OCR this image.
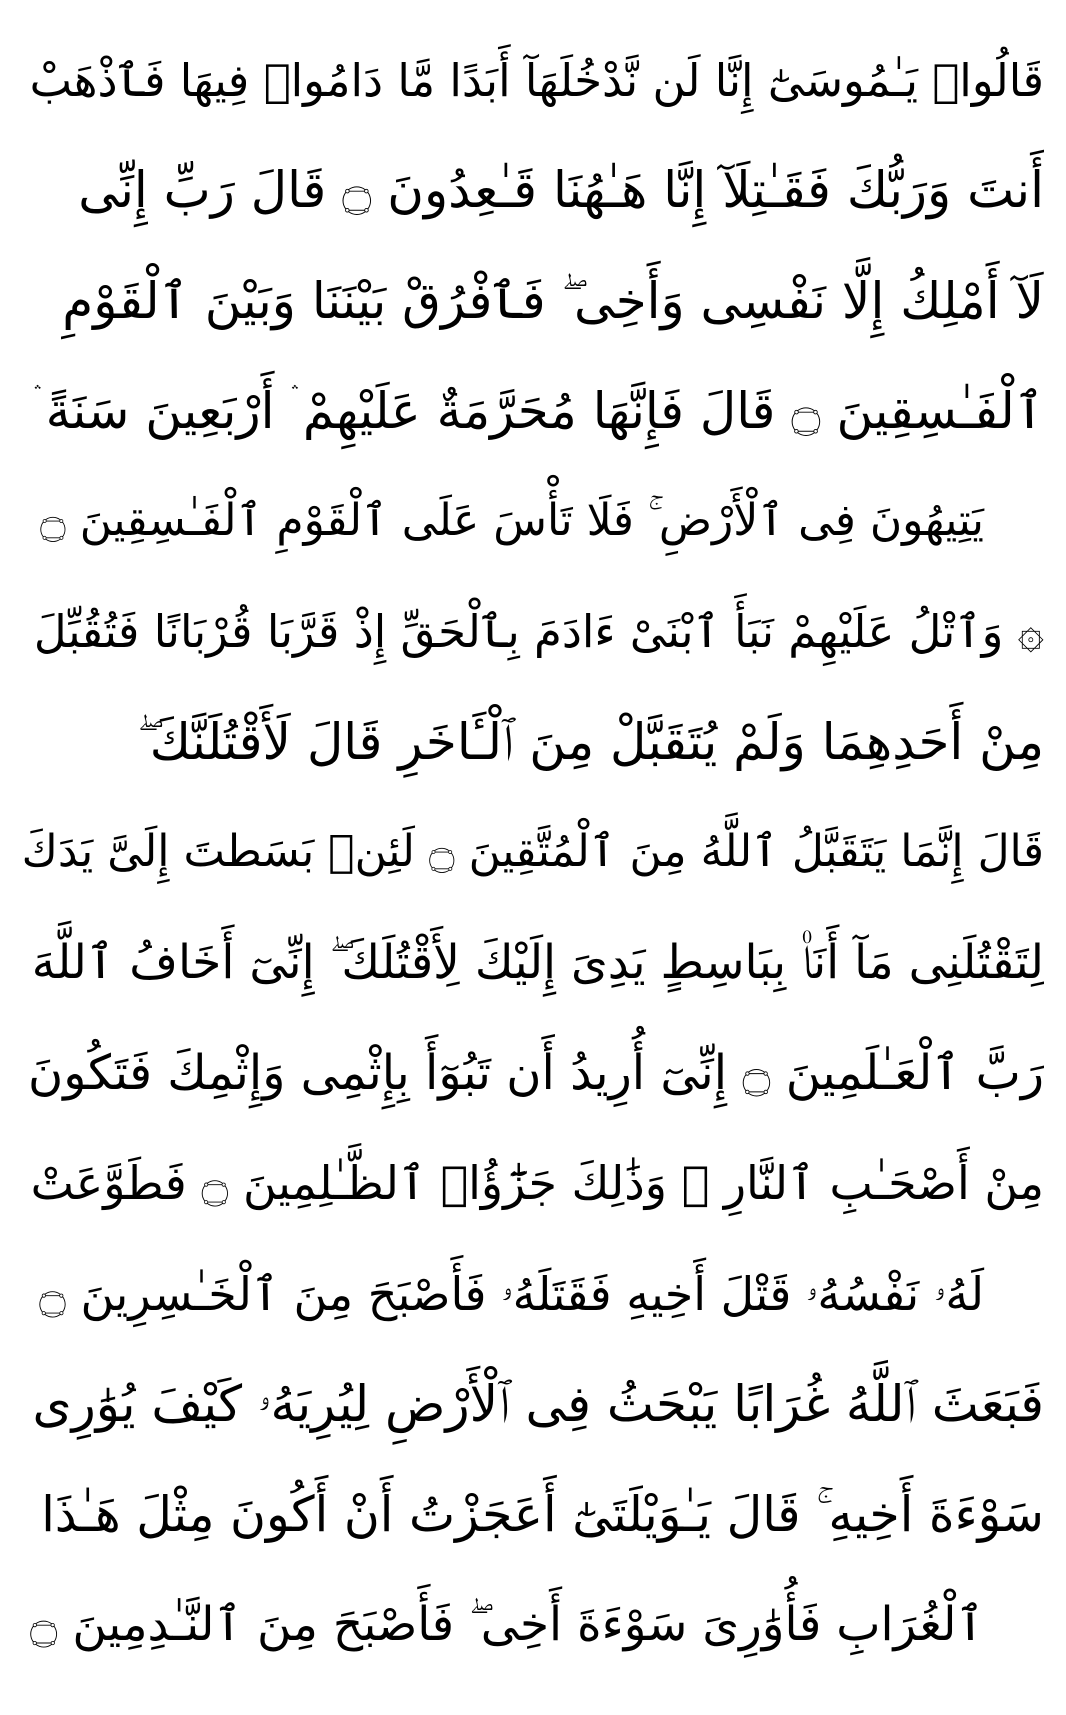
قَالُوا۟ يَـٰمُوسَىٰٓ إِنَّا لَن نَّدْخُلَهَآ أَبَدًا مَّا دَامُوا۟ فِيهَا فَٱذْهَبْ
أَنتَ وَرَبُّكَ فَقَـٰتِلَآ إِنَّا هَـٰهُنَا قَـٰعِدُونَ ۝ قَالَ رَبِّ إِنِّى
لَآ أَمْلِكُ إِلَّا نَفْسِى وَأَخِى ۖ فَٱفْرُقْ بَيْنَنَا وَبَيْنَ ٱلْقَوْمِ
ٱلْفَـٰسِقِينَ ۝ قَالَ فَإِنَّهَا مُحَرَّمَةٌ عَلَيْهِمْ ۛ أَرْبَعِينَ سَنَةً ۛ
يَتِيهُونَ فِى ٱلْأَرْضِ ۚ فَلَا تَأْسَ عَلَى ٱلْقَوْمِ ٱلْفَـٰسِقِينَ ۝
۞ وَٱتْلُ عَلَيْهِمْ نَبَأَ ٱبْنَىْ ءَادَمَ بِٱلْحَقِّ إِذْ قَرَّبَا قُرْبَانًا فَتُقُبِّلَ
مِنْ أَحَدِهِمَا وَلَمْ يُتَقَبَّلْ مِنَ ٱلْـَٔاخَرِ قَالَ لَأَقْتُلَنَّكَ ۖ
قَالَ إِنَّمَا يَتَقَبَّلُ ٱللَّهُ مِنَ ٱلْمُتَّقِينَ ۝ لَئِنۢ بَسَطتَ إِلَىَّ يَدَكَ
لِتَقْتُلَنِى مَآ أَنَا۠ بِبَاسِطٍ يَدِىَ إِلَيْكَ لِأَقْتُلَكَ ۖ إِنِّىٓ أَخَافُ ٱللَّهَ
رَبَّ ٱلْعَـٰلَمِينَ ۝ إِنِّىٓ أُرِيدُ أَن تَبُوٓأَ بِإِثْمِى وَإِثْمِكَ فَتَكُونَ
مِنْ أَصْحَـٰبِ ٱلنَّارِ ۚ وَذَٰلِكَ جَزَٰٓؤُا۟ ٱلظَّـٰلِمِينَ ۝ فَطَوَّعَتْ
لَهُۥ نَفْسُهُۥ قَتْلَ أَخِيهِ فَقَتَلَهُۥ فَأَصْبَحَ مِنَ ٱلْخَـٰسِرِينَ ۝
فَبَعَثَ ٱللَّهُ غُرَابًا يَبْحَثُ فِى ٱلْأَرْضِ لِيُرِيَهُۥ كَيْفَ يُوَٰرِى
سَوْءَةَ أَخِيهِ ۚ قَالَ يَـٰوَيْلَتَىٰٓ أَعَجَزْتُ أَنْ أَكُونَ مِثْلَ هَـٰذَا
ٱلْغُرَابِ فَأُوَٰرِىَ سَوْءَةَ أَخِى ۖ فَأَصْبَحَ مِنَ ٱلنَّـٰدِمِينَ ۝
